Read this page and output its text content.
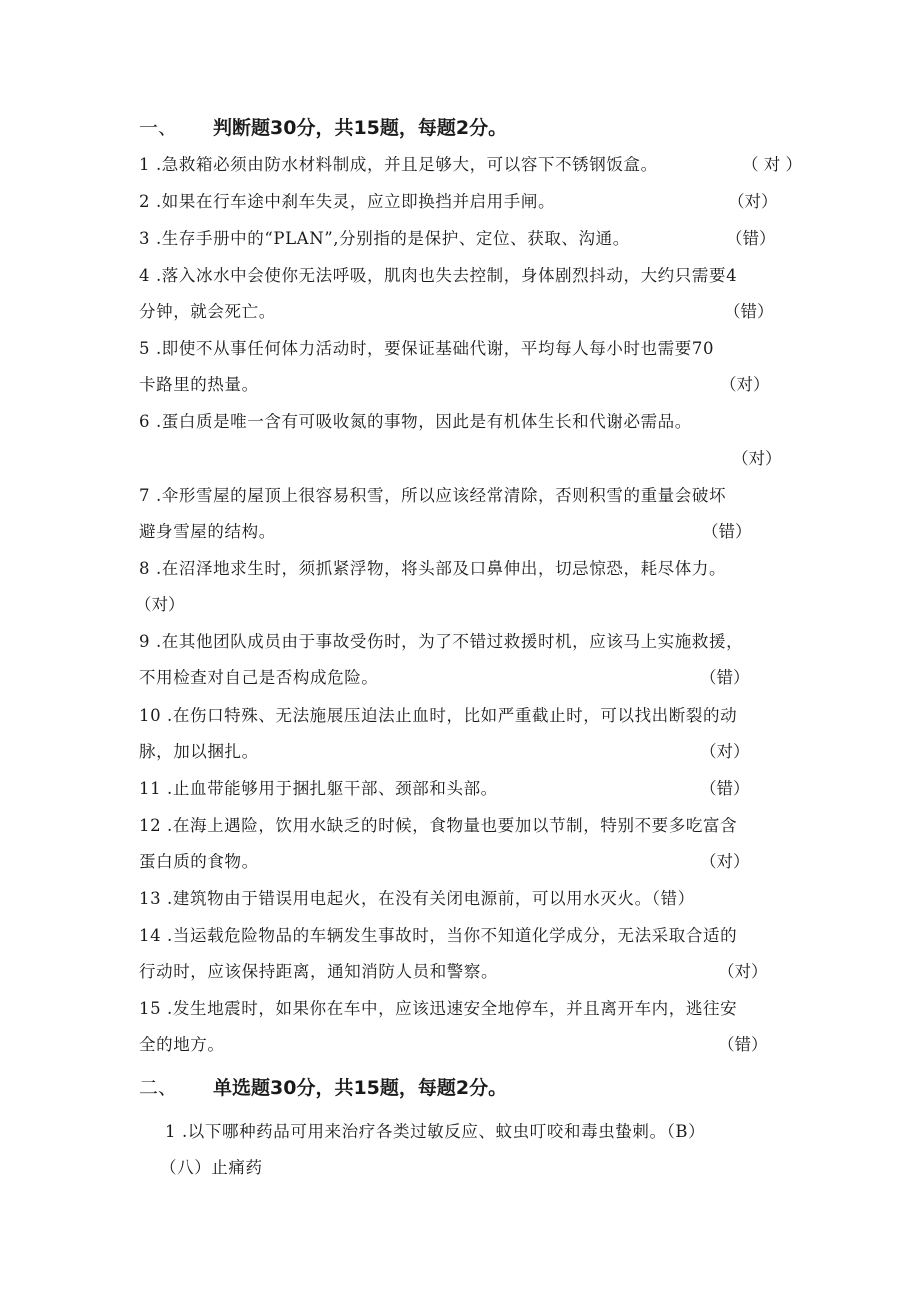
一、 判断题30分，共15题，每题2分。
1 .急救箱必须由防水材料制成，并且足够大，可以容下不锈钢饭盒。	（ 对 ）
2 .如果在行车途中刹车失灵，应立即换挡并启用手闸。	（对）
3 .生存手册中的“PLAN”,分别指的是保护、定位、获取、沟通。	（错）
4 .落入冰水中会使你无法呼吸，肌肉也失去控制，身体剧烈抖动，大约只需要4
分钟，就会死亡。	（错）
5 .即使不从事任何体力活动时，要保证基础代谢，平均每人每小时也需要70
卡路里的热量。	（对）
6 .蛋白质是唯一含有可吸收氮的事物，因此是有机体生长和代谢必需品。
（对）
7 .伞形雪屋的屋顶上很容易积雪，所以应该经常清除，否则积雪的重量会破坏
避身雪屋的结构。	（错）
8 .在沼泽地求生时，须抓紧浮物，将头部及口鼻伸出，切忌惊恐，耗尽体力。
（对）
9 .在其他团队成员由于事故受伤时，为了不错过救援时机，应该马上实施救援，
不用检查对自己是否构成危险。	（错）
10 .在伤口特殊、无法施展压迫法止血时，比如严重截止时，可以找出断裂的动
脉，加以捆扎。	（对）
11 .止血带能够用于捆扎躯干部、颈部和头部。	（错）
12 .在海上遇险，饮用水缺乏的时候，食物量也要加以节制，特别不要多吃富含
蛋白质的食物。	（对）
13 .建筑物由于错误用电起火，在没有关闭电源前，可以用水灭火。（错）
14 .当运载危险物品的车辆发生事故时，当你不知道化学成分，无法采取合适的
行动时，应该保持距离，通知消防人员和警察。	（对）
15 .发生地震时，如果你在车中，应该迅速安全地停车，并且离开车内，逃往安
全的地方。	（错）
二、 单选题30分，共15题，每题2分。
1 .以下哪种药品可用来治疗各类过敏反应、蚊虫叮咬和毒虫蛰刺。（B）
（八）止痛药
